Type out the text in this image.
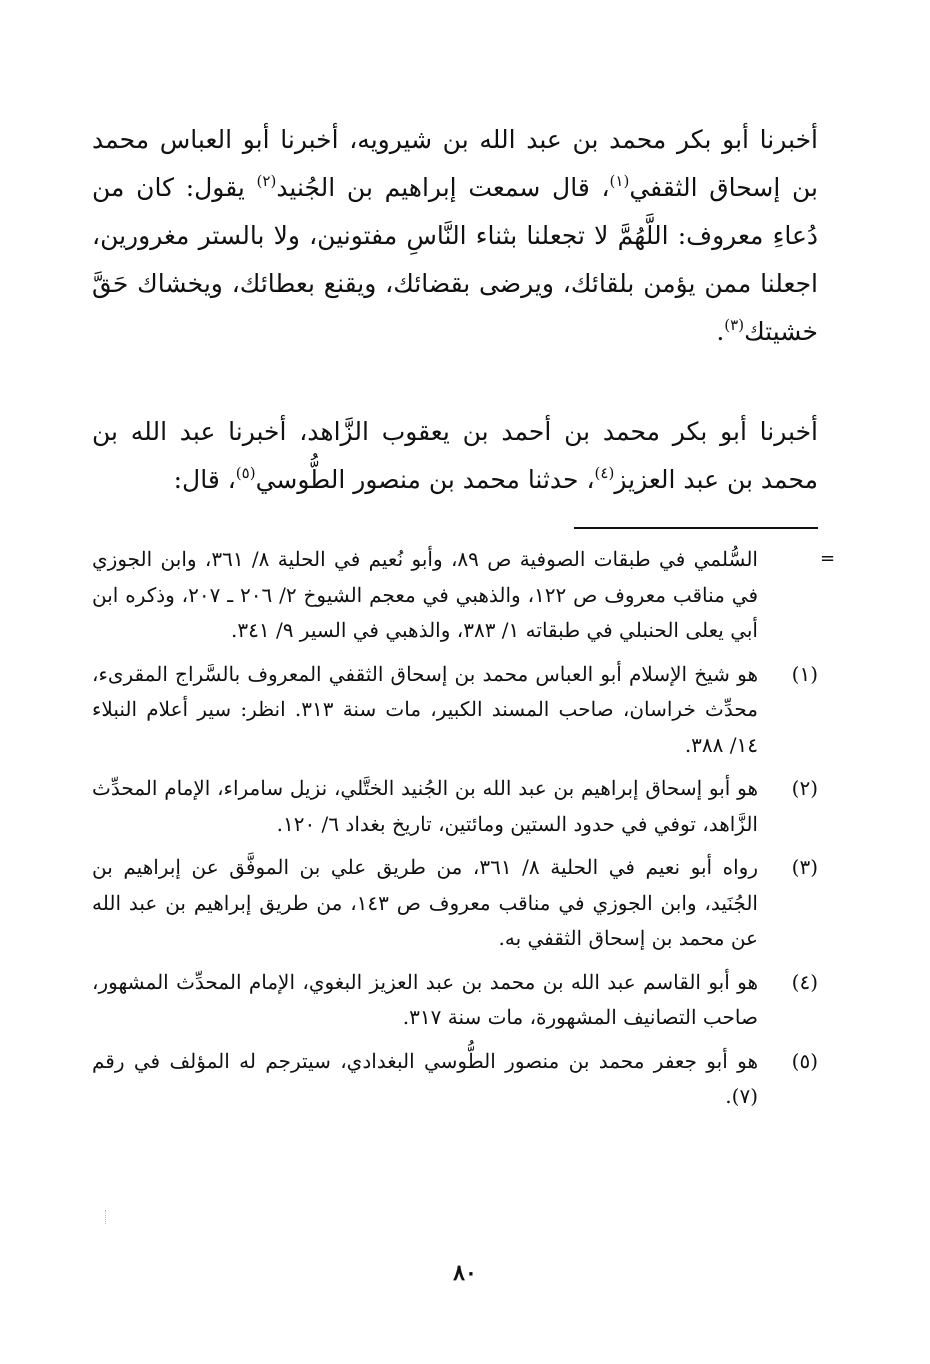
أخبرنا أبو بكر محمد بن عبد الله بن شيرويه، أخبرنا أبو العباس محمد بن إسحاق الثقفي$^{(١)}$، قال سمعت إبراهيم بن الجُنيد$^{(٢)}$ يقول: كان من دُعاءِ معروف: اللَّهُمَّ لا تجعلنا بثناء النَّاسِ مفتونين، ولا بالستر مغرورين، اجعلنا ممن يؤمن بلقائك، ويرضى بقضائك، ويقنع بعطائك، ويخشاك حَقَّ خشيتك$^{(٣)}$.

أخبرنا أبو بكر محمد بن أحمد بن يعقوب الزَّاهد، أخبرنا عبد الله بن محمد بن عبد العزيز$^{(٤)}$، حدثنا محمد بن منصور الطُّوسي$^{(٥)}$، قال:

=
السُّلمي في طبقات الصوفية ص ٨٩، وأبو نُعيم في الحلية ٨/ ٣٦١، وابن الجوزي في مناقب معروف ص ١٢٢، والذهبي في معجم الشيوخ ٢/ ٢٠٦ ـ ٢٠٧، وذكره ابن أبي يعلى الحنبلي في طبقاته ١/ ٣٨٣، والذهبي في السير ٩/ ٣٤١.
(١)
هو شيخ الإسلام أبو العباس محمد بن إسحاق الثقفي المعروف بالسَّراج المقرىء، محدِّث خراسان، صاحب المسند الكبير، مات سنة ٣١٣. انظر: سير أعلام النبلاء ١٤/ ٣٨٨.
(٢)
هو أبو إسحاق إبراهيم بن عبد الله بن الجُنيد الختَّلي، نزيل سامراء، الإمام المحدِّث الزَّاهد، توفي في حدود الستين ومائتين، تاريخ بغداد ٦/ ١٢٠.
(٣)
رواه أبو نعيم في الحلية ٨/ ٣٦١، من طريق علي بن الموفَّق عن إبراهيم بن الجُنَيد، وابن الجوزي في مناقب معروف ص ١٤٣، من طريق إبراهيم بن عبد الله عن محمد بن إسحاق الثقفي به.
(٤)
هو أبو القاسم عبد الله بن محمد بن عبد العزيز البغوي، الإمام المحدِّث المشهور، صاحب التصانيف المشهورة، مات سنة ٣١٧.
(٥)
هو أبو جعفر محمد بن منصور الطُّوسي البغدادي، سيترجم له المؤلف في رقم (٧).
٨٠
